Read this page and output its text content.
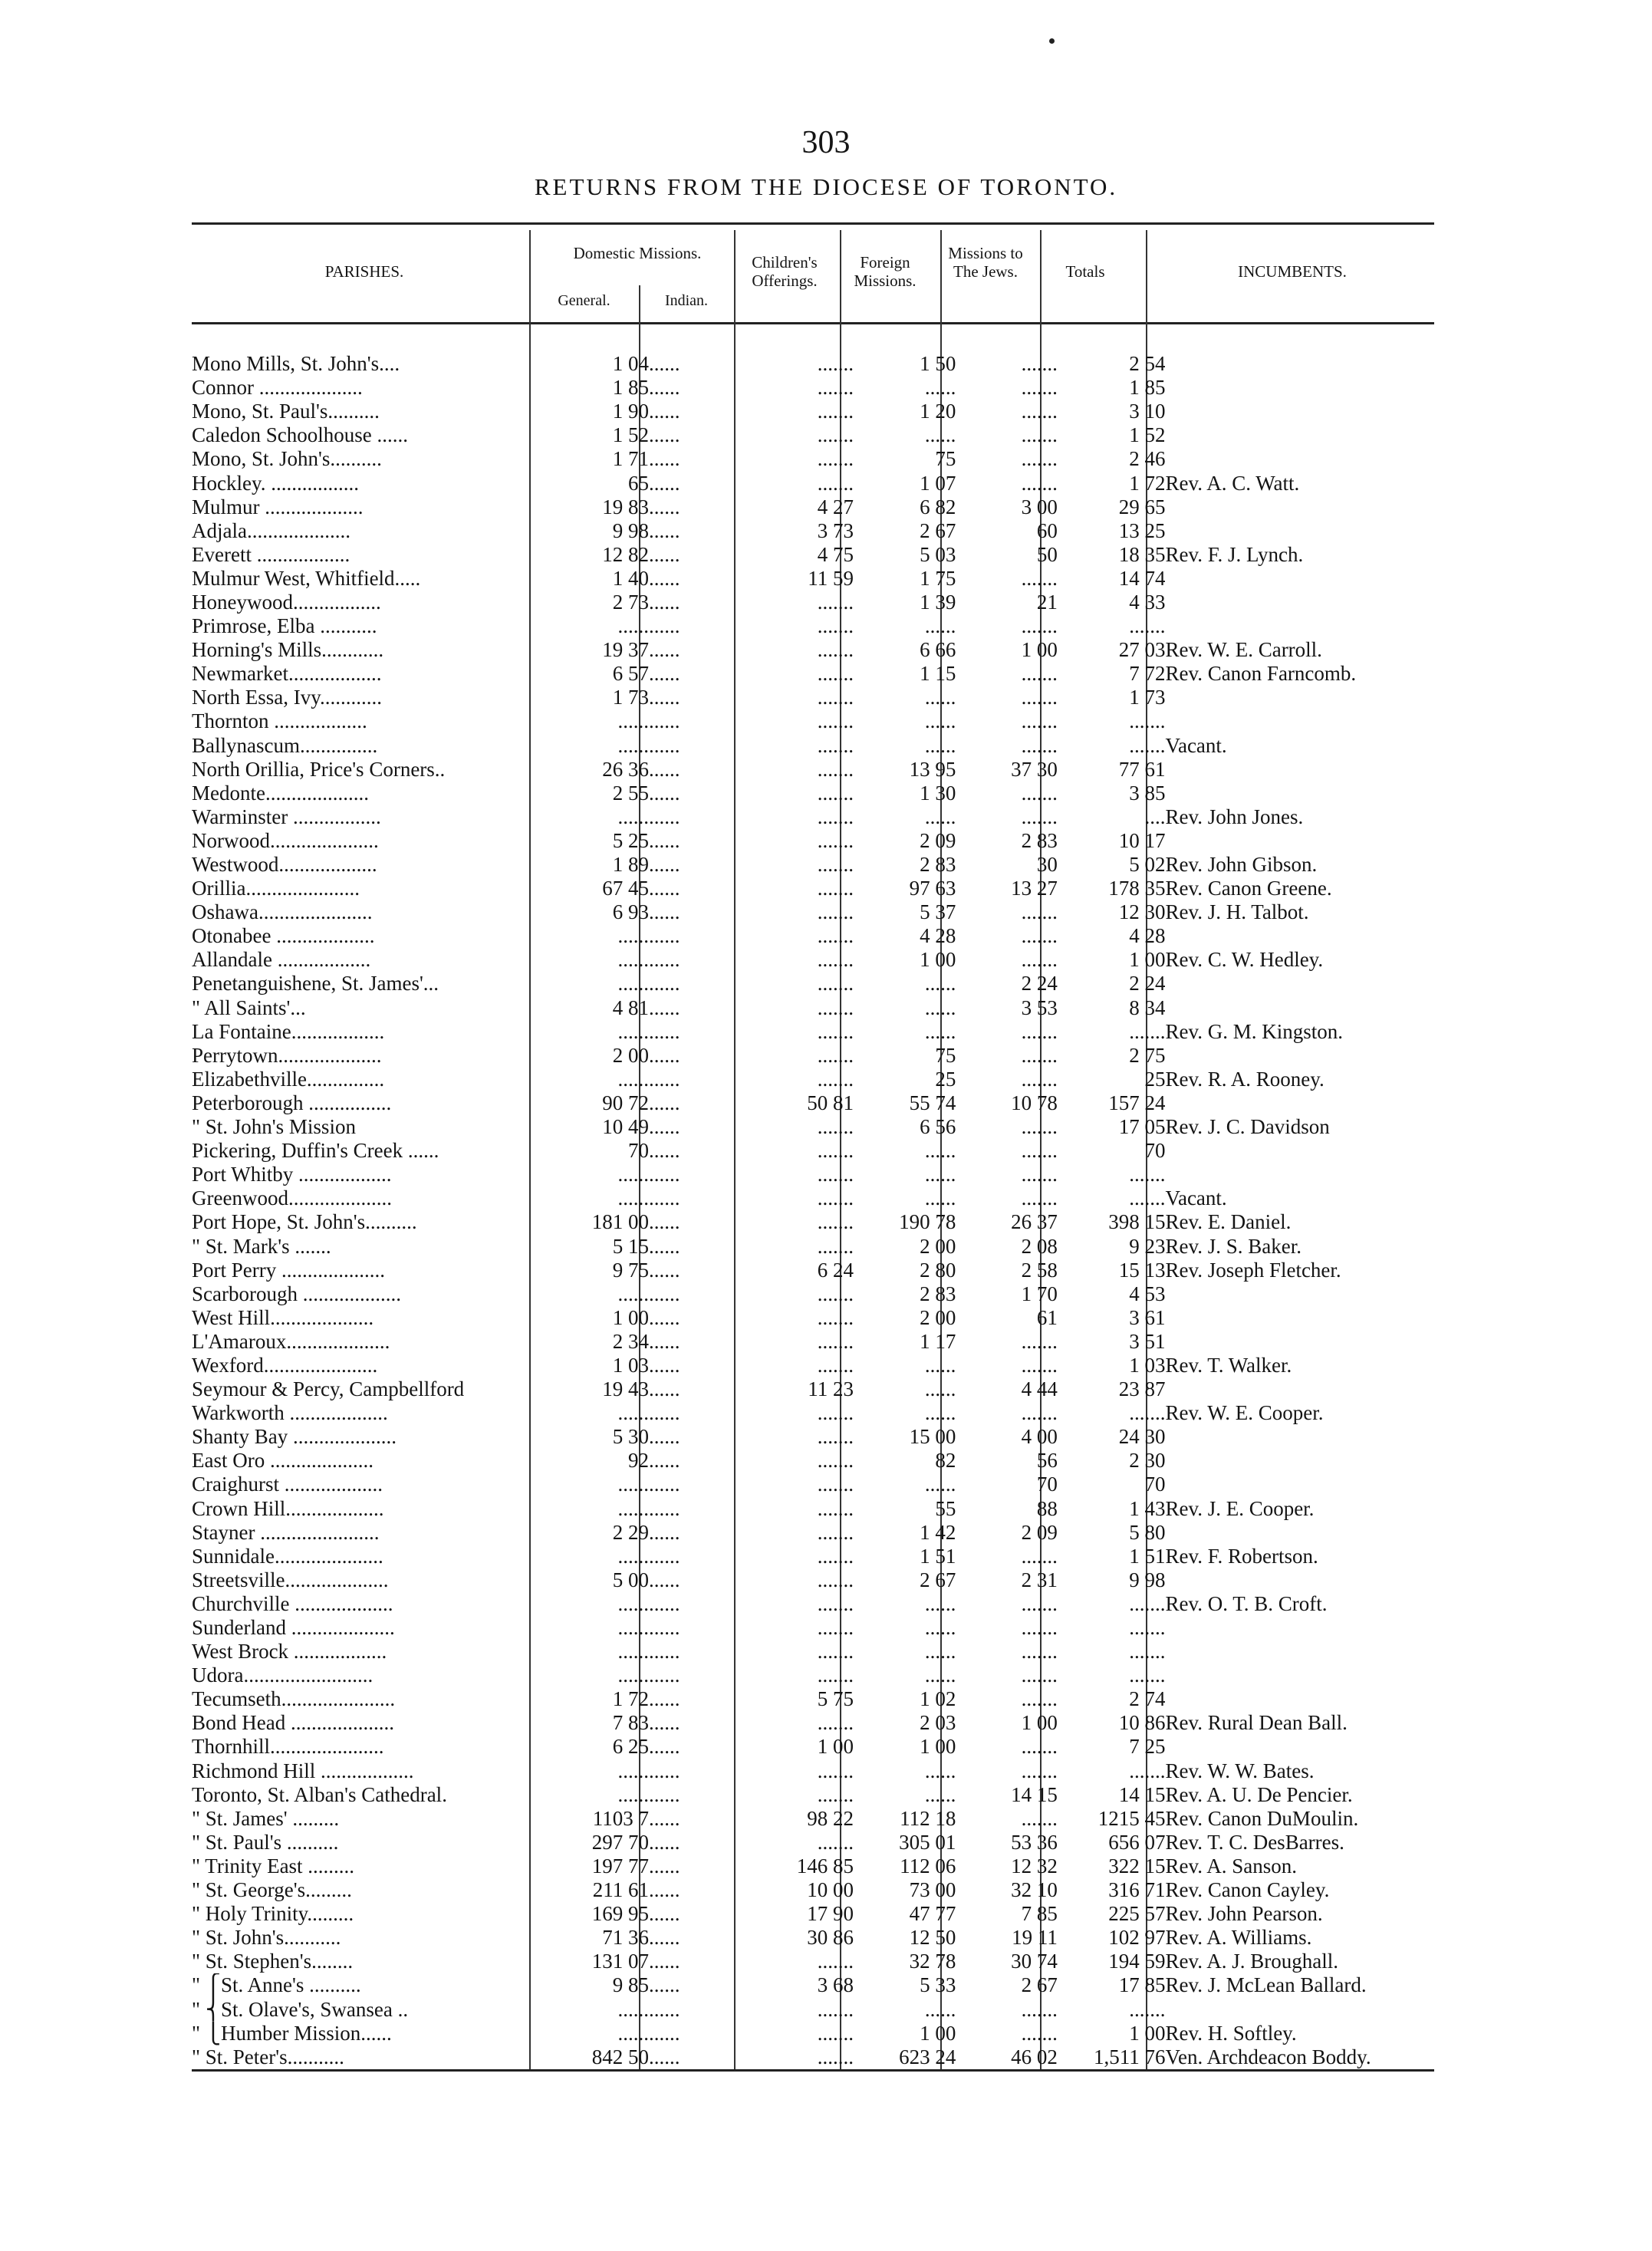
303
RETURNS FROM THE DIOCESE OF TORONTO.
PARISHES.
Domestic Missions.
General.	Indian.
Children's Offerings.
Foreign Missions.
Missions to The Jews.	Totals	INCUMBENTS.
Mono Mills, St. John's....	1 04	......	.......	1 50	.......	2 54	
Connor ....................	1 85	......	.......	......	.......	1 85	
Mono, St. Paul's..........	1 90	......	.......	1 20	.......	3 10	
Caledon Schoolhouse ......	1 52	......	.......	......	.......	1 52	
Mono, St. John's..........	1 71	......	.......	75	.......	2 46	
Hockley. .................	65	......	.......	1 07	.......	1 72	Rev. A. C. Watt.
Mulmur ...................	19 83	......	4 27	6 82	3 00	29 65	
Adjala....................	9 98	......	3 73	2 67	60	13 25	
Everett ..................	12 82	......	4 75	5 03	50	18 35	Rev. F. J. Lynch.
Mulmur West, Whitfield.....	1 40	......	11 59	1 75	.......	14 74	
Honeywood.................	2 73	......	.......	1 39	21	4 33	
Primrose, Elba ...........	......	......	.......	......	.......	.......	
Horning's Mills............	19 37	......	.......	6 66	1 00	27 03	Rev. W. E. Carroll.
Newmarket..................	6 57	......	.......	1 15	.......	7 72	Rev. Canon Farncomb.
North Essa, Ivy............	1 73	......	.......	......	.......	1 73	
Thornton ..................	......	......	.......	......	.......	.......	
Ballynascum...............	......	......	.......	......	.......	.......	Vacant.
North Orillia, Price's Corners..	26 36	......	.......	13 95	37 30	77 61	
Medonte....................	2 55	......	.......	1 30	.......	3 85	
Warminster .................	......	......	.......	......	.......	....	Rev. John Jones.
Norwood.....................	5 25	......	.......	2 09	2 83	10 17	
Westwood...................	1 89	......	.......	2 83	30	5 02	Rev. John Gibson.
Orillia......................	67 45	......	.......	97 63	13 27	178 35	Rev. Canon Greene.
Oshawa......................	6 93	......	.......	5 37	.......	12 30	Rev. J. H. Talbot.
Otonabee ...................	......	......	.......	4 28	.......	4 28	
Allandale ..................	......	......	.......	1 00	.......	1 00	Rev. C. W. Hedley.
Penetanguishene, St. James'...	......	......	.......	......	2 24	2 24	
" All Saints'...	4 81	......	.......	......	3 53	8 34	
La Fontaine..................	......	......	.......	......	.......	.......	Rev. G. M. Kingston.
Perrytown....................	2 00	......	.......	75	.......	2 75	
Elizabethville...............	......	......	.......	25	.......	25	Rev. R. A. Rooney.
Peterborough ................	90 72	......	50 81	55 74	10 78	157 24	
" St. John's Mission	10 49	......	.......	6 56	.......	17 05	Rev. J. C. Davidson
Pickering, Duffin's Creek ......	70	......	.......	......	.......	70	
Port Whitby ..................	......	......	.......	......	.......	.......	
Greenwood....................	......	......	.......	......	.......	.......	Vacant.
Port Hope, St. John's..........	181 00	......	.......	190 78	26 37	398 15	Rev. E. Daniel.
" St. Mark's .......	5 15	......	.......	2 00	2 08	9 23	Rev. J. S. Baker.
Port Perry ....................	9 75	......	6 24	2 80	2 58	15 13	Rev. Joseph Fletcher.
Scarborough ...................	......	......	.......	2 83	1 70	4 53	
West Hill....................	1 00	......	.......	2 00	61	3 61	
L'Amaroux....................	2 34	......	.......	1 17	.......	3 51	
Wexford......................	1 03	......	.......	......	.......	1 03	Rev. T. Walker.
Seymour & Percy, Campbellford	19 43	......	11 23	......	4 44	23 87	
Warkworth ...................	......	......	.......	......	.......	.......	Rev. W. E. Cooper.
Shanty Bay ....................	5 30	......	.......	15 00	4 00	24 30	
East Oro ....................	92	......	.......	82	56	2 30	
Craighurst ...................	......	......	.......	......	70	70	
Crown Hill...................	......	......	.......	55	88	1 43	Rev. J. E. Cooper.
Stayner .......................	2 29	......	.......	1 42	2 09	5 80	
Sunnidale.....................	......	......	.......	1 51	.......	1 51	Rev. F. Robertson.
Streetsville....................	5 00	......	.......	2 67	2 31	9 98	
Churchville ...................	......	......	.......	......	.......	.......	Rev. O. T. B. Croft.
Sunderland ....................	......	......	.......	......	.......	.......	
West Brock ..................	......	......	.......	......	.......	.......	
Udora.........................	......	......	.......	......	.......	.......	
Tecumseth......................	1 72	......	5 75	1 02	.......	2 74	
Bond Head ....................	7 83	......	.......	2 03	1 00	10 86	Rev. Rural Dean Ball.
Thornhill......................	6 25	......	1 00	1 00	.......	7 25	
Richmond Hill ..................	......	......	.......	......	.......	.......	Rev. W. W. Bates.
Toronto, St. Alban's Cathedral.	......	......	.......	......	14 15	14 15	Rev. A. U. De Pencier.
" St. James' .........	1103 7	......	98 22	112 18	.......	1215 45	Rev. Canon DuMoulin.
" St. Paul's ..........	297 70	......	.......	305 01	53 36	656 07	Rev. T. C. DesBarres.
" Trinity East .........	197 77	......	146 85	112 06	12 32	322 15	Rev. A. Sanson.
" St. George's.........	211 61	......	10 00	73 00	32 10	316 71	Rev. Canon Cayley.
" Holy Trinity.........	169 95	......	17 90	47 77	7 85	225 57	Rev. John Pearson.
" St. John's...........	71 36	......	30 86	12 50	19 11	102 97	Rev. A. Williams.
" St. Stephen's........	131 07	......	.......	32 78	30 74	194 59	Rev. A. J. Broughall.
" ⎧St. Anne's ..........	9 85	......	3 68	5 33	2 67	17 85	Rev. J. McLean Ballard.
" ⎨St. Olave's, Swansea ..	......	......	.......	......	.......	.......	
" ⎩Humber Mission......	......	......	.......	1 00	.......	1 00	Rev. H. Softley.
" St. Peter's...........	842 50	......	.......	623 24	46 02	1,511 76	Ven. Archdeacon Boddy.
